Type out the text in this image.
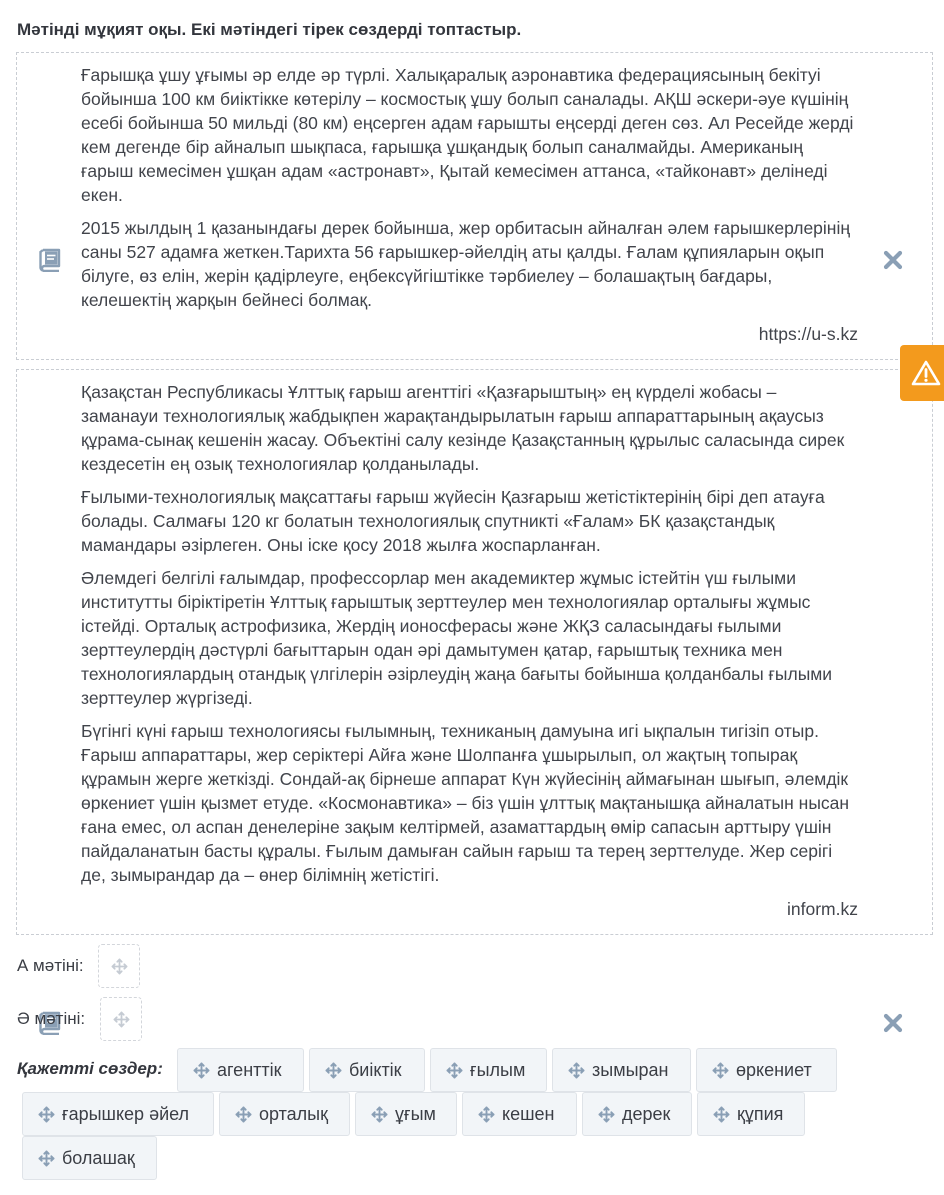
Мәтінді мұқият оқы. Екі мәтіндегі тірек сөздерді топтастыр.

Ғарышқа ұшу ұғымы әр елде әр түрлі. Халықаралық аэронавтика федерациясының бекітуі бойынша 100 км биіктікке көтерілу – космостық ұшу болып саналады. АҚШ әскери-әуе күшінің есебі бойынша 50 мильді (80 км) еңсерген адам ғарышты еңсерді деген сөз. Ал Ресейде жерді кем дегенде бір айналып шықпаса, ғарышқа ұшқандық болып саналмайды. Американың ғарыш кемесімен ұшқан адам «астронавт», Қытай кемесімен аттанса, «тайконавт» делінеді екен.

2015 жылдың 1 қазанындағы дерек бойынша, жер орбитасын айналған әлем ғарышкерлерінің саны 527 адамға жеткен.Тарихта 56 ғарышкер-әйелдің аты қалды. Ғалам құпияларын оқып білуге, өз елін, жерін қадірлеуге, еңбексүйгіштікке тәрбиелеу – болашақтың бағдары, келешектің жарқын бейнесі болмақ.

https://u-s.kz

Қазақстан Республикасы Ұлттық ғарыш агенттігі «Қазғарыштың» ең күрделі жобасы – заманауи технологиялық жабдықпен жарақтандырылатын ғарыш аппараттарының ақаусыз құрама-сынақ кешенін жасау. Объектіні салу кезінде Қазақстанның құрылыс саласында сирек кездесетін ең озық технологиялар қолданылады.

Ғылыми-технологиялық мақсаттағы ғарыш жүйесін Қазғарыш жетістіктерінің бірі деп атауға болады. Салмағы 120 кг болатын технологиялық спутникті «Ғалам» БК қазақстандық мамандары әзірлеген. Оны іске қосу 2018 жылға жоспарланған.

Әлемдегі белгілі ғалымдар, профессорлар мен академиктер жұмыс істейтін үш ғылыми институтты біріктіретін Ұлттық ғарыштық зерттеулер мен технологиялар орталығы жұмыс істейді. Орталық астрофизика, Жердің ионосферасы және ЖҚЗ саласындағы ғылыми зерттеулердің дәстүрлі бағыттарын одан әрі дамытумен қатар, ғарыштық техника мен технологиялардың отандық үлгілерін әзірлеудің жаңа бағыты бойынша қолданбалы ғылыми зерттеулер жүргізеді.

Бүгінгі күні ғарыш технологиясы ғылымның, техниканың дамуына игі ықпалын тигізіп отыр. Ғарыш аппараттары, жер серіктері Айға және Шолпанға ұшырылып, ол жақтың топырақ құрамын жерге жеткізді. Сондай-ақ бірнеше аппарат Күн жүйесінің аймағынан шығып, әлемдік өркениет үшін қызмет етуде. «Космонавтика» – біз үшін ұлттық мақтанышқа айналатын нысан ғана емес, ол аспан денелеріне зақым келтірмей, азаматтардың өмір сапасын арттыру үшін пайдаланатын басты құралы. Ғылым дамыған сайын ғарыш та терең зерттелуде. Жер серігі де, зымырандар да – өнер білімнің жетістігі.

inform.kz
А мәтіні:
Ә мәтіні:
Қажетті сөздер:	агенттік	биіктік	ғылым	зымыран	өркениет
ғарышкер әйел	орталық	ұғым	кешен	дерек	құпия
болашақ
